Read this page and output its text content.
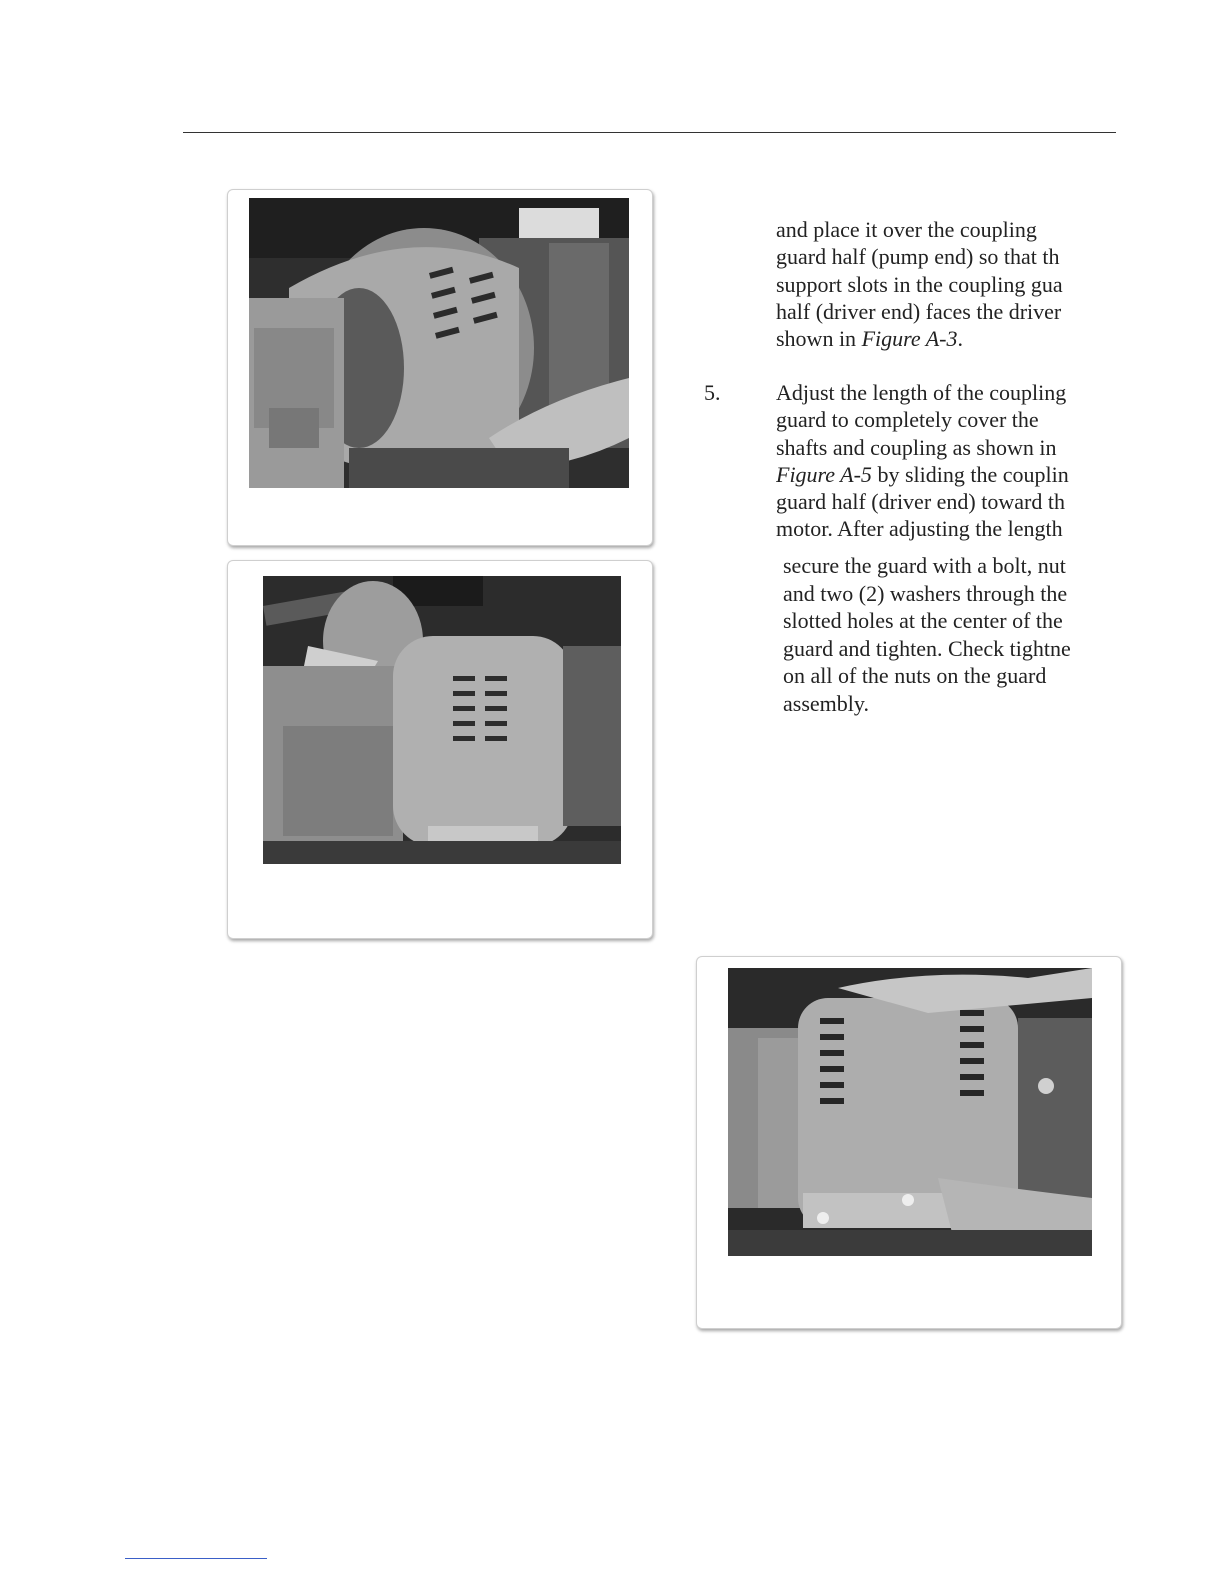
and place it over the coupling
guard half (pump end) so that th
support slots in the coupling gua
half (driver end) faces the driver
shown in Figure A-3.
5.	Adjust the length of the coupling
guard to completely cover the
shafts and coupling as shown in
Figure A-5 by sliding the couplin
guard half (driver end) toward th
motor. After adjusting the length
secure the guard with a bolt, nut
and two (2) washers through the
slotted holes at the center of the
guard and tighten. Check tightne
on all of the nuts on the guard
assembly.
